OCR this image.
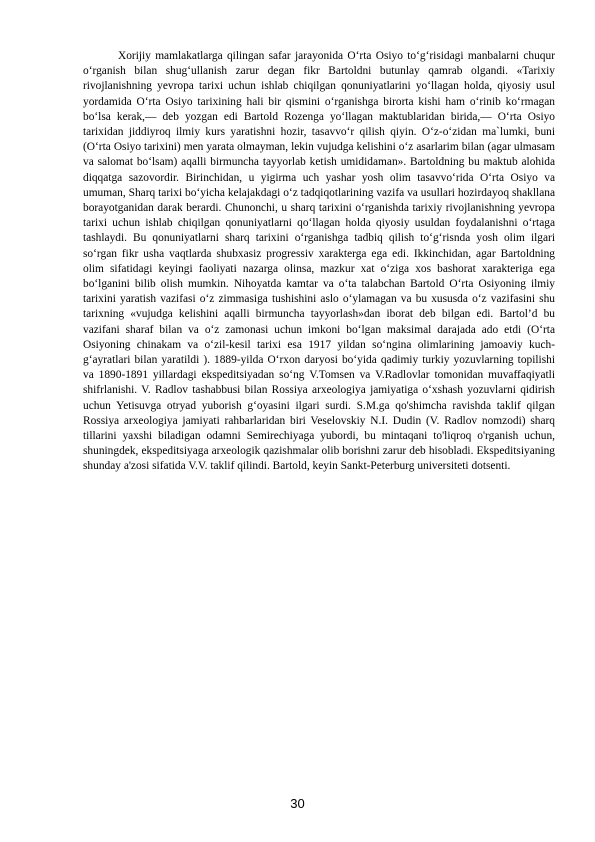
Xorijiy mamlakatlarga qilingan safar jarayonida O‘rta Osiyo to‘g‘risidagi manbalarni chuqur o‘rganish bilan shug‘ullanish zarur degan fikr Bartoldni butunlay qamrab olgandi. «Tarixiy rivojlanishning yevropa tarixi uchun ishlab chiqilgan qonuniyatlarini yo‘llagan holda, qiyosiy usul yordamida O‘rta Osiyo tarixining hali bir qismini o‘rganishga birorta kishi ham o‘rinib ko‘rmagan bo‘lsa kerak,— deb yozgan edi Bartold Rozenga yo‘llagan maktublaridan birida,— O‘rta Osiyo tarixidan jiddiyroq ilmiy kurs yaratishni hozir, tasavvo‘r qilish qiyin. O‘z-o‘zidan ma`lumki, buni (O‘rta Osiyo tarixini) men yarata olmayman, lekin vujudga kelishini o‘z asarlarim bilan (agar ulmasam va salomat bo‘lsam) aqalli birmuncha tayyorlab ketish umididaman». Bartoldning bu maktub alohida diqqatga sazovordir. Birinchidan, u yigirma uch yashar yosh olim tasavvo‘rida O‘rta Osiyo va umuman, Sharq tarixi bo‘yicha kelajakdagi o‘z tadqiqotlarining vazifa va usullari hozirdayoq shakllana borayotganidan darak berardi. Chunonchi, u sharq tarixini o‘rganishda tarixiy rivojlanishning yevropa tarixi uchun ishlab chiqilgan qonuniyatlarni qo‘llagan holda qiyosiy usuldan foydalanishni o‘rtaga tashlaydi. Bu qonuniyatlarni sharq tarixini o‘rganishga tadbiq qilish to‘g‘risnda yosh olim ilgari so‘rgan fikr usha vaqtlarda shubxasiz progressiv xarakterga ega edi. Ikkinchidan, agar Bartoldning olim sifatidagi keyingi faoliyati nazarga olinsa, mazkur xat o‘ziga xos bashorat xarakteriga ega bo‘lganini bilib olish mumkin. Nihoyatda kamtar va o‘ta talabchan Bartold O‘rta Osiyoning ilmiy tarixini yaratish vazifasi o‘z zimmasiga tushishini aslo o‘ylamagan va bu xususda o‘z vazifasini shu tarixning «vujudga kelishini aqalli birmuncha tayyorlash»dan iborat deb bilgan edi. Bartol’d bu vazifani sharaf bilan va o‘z zamonasi uchun imkoni bo‘lgan maksimal darajada ado etdi (O‘rta Osiyoning chinakam va o‘zil-kesil tarixi esa 1917 yildan so‘ngina olimlarining jamoaviy kuch-g‘ayratlari bilan yaratildi ). 1889-yilda O‘rxon daryosi bo‘yida qadimiy turkiy yozuvlarning topilishi va 1890-1891 yillardagi ekspeditsiyadan so‘ng V.Tomsen va V.Radlovlar tomonidan muvaffaqiyatli shifrlanishi. V. Radlov tashabbusi bilan Rossiya arxeologiya jamiyatiga o‘xshash yozuvlarni qidirish uchun Yetisuvga otryad yuborish g‘oyasini ilgari surdi. S.M.ga qo'shimcha ravishda taklif qilgan Rossiya arxeologiya jamiyati rahbarlaridan biri Veselovskiy N.I. Dudin (V. Radlov nomzodi) sharq tillarini yaxshi biladigan odamni Semirechiyaga yubordi, bu mintaqani to'liqroq o'rganish uchun, shuningdek, ekspeditsiyaga arxeologik qazishmalar olib borishni zarur deb hisobladi. Ekspeditsiyaning shunday a'zosi sifatida V.V. taklif qilindi. Bartold, keyin Sankt-Peterburg universiteti dotsenti.

30
